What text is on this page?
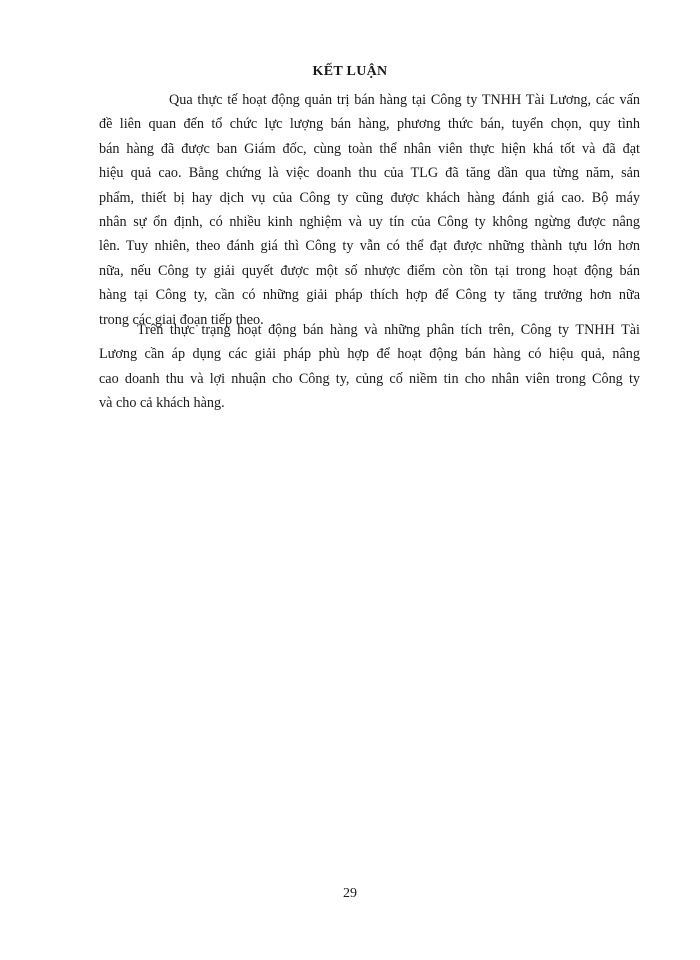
KẾT LUẬN
Qua thực tế hoạt động quản trị bán hàng tại Công ty TNHH Tài Lương, các vấn
đề liên quan đến tổ chức lực lượng bán hàng, phương thức bán, tuyển chọn, quy tình
bán hàng đã được ban Giám đốc, cùng toàn thể nhân viên thực hiện khá tốt và đã đạt
hiệu quả cao. Bằng chứng là việc doanh thu của TLG đã tăng dần qua từng năm, sản
phẩm, thiết bị hay dịch vụ của Công ty cũng được khách hàng đánh giá cao. Bộ máy
nhân sự ổn định, có nhiều kinh nghiệm và uy tín của Công ty không ngừng được nâng
lên. Tuy nhiên, theo đánh giá thì Công ty vẫn có thể đạt được những thành tựu lớn hơn
nữa, nếu Công ty giải quyết được một số nhược điểm còn tồn tại trong hoạt động bán
hàng tại Công ty, cần có những giải pháp thích hợp để Công ty tăng trưởng hơn nữa
trong các giai đoạn tiếp theo.
Trên thực trạng hoạt động bán hàng và những phân tích trên, Công ty TNHH Tài
Lương cần áp dụng các giải pháp phù hợp để hoạt động bán hàng có hiệu quả, nâng
cao doanh thu và lợi nhuận cho Công ty, củng cố niềm tin cho nhân viên trong Công ty
và cho cả khách hàng.
29
